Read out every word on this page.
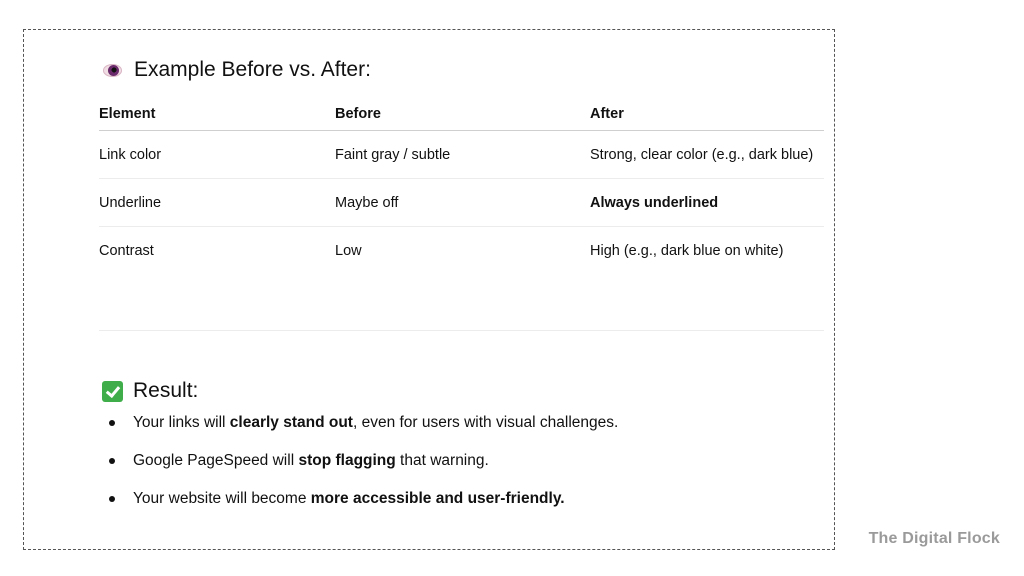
Example Before vs. After:
Element	Before	After
Link color	Faint gray / subtle	Strong, clear color (e.g., dark blue)
Underline	Maybe off	Always underlined
Contrast	Low	High (e.g., dark blue on white)
Result:
Your links will clearly stand out, even for users with visual challenges.
Google PageSpeed will stop flagging that warning.
Your website will become more accessible and user-friendly.
The Digital Flock
